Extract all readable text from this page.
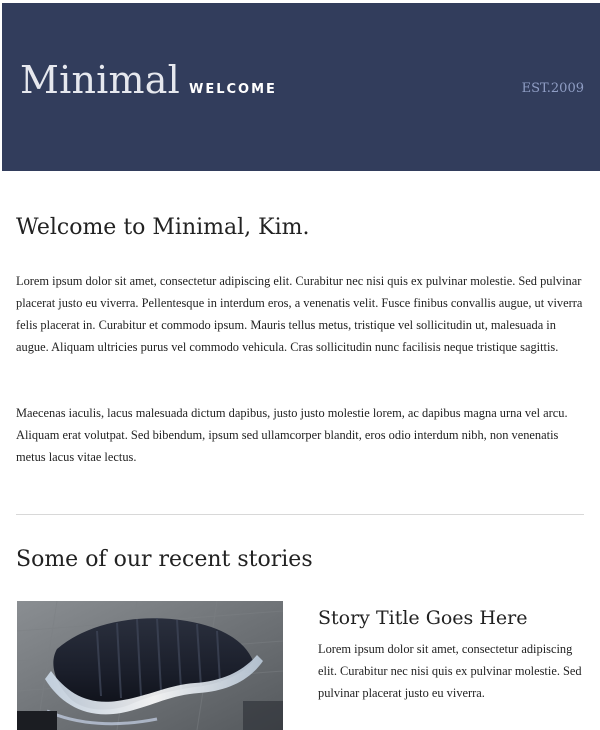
Minimal WELCOME	EST.2009
Welcome to Minimal, Kim.
Lorem ipsum dolor sit amet, consectetur adipiscing elit. Curabitur nec nisi quis ex pulvinar molestie. Sed pulvinar placerat justo eu viverra. Pellentesque in interdum eros, a venenatis velit. Fusce finibus convallis augue, ut viverra felis placerat in. Curabitur et commodo ipsum. Mauris tellus metus, tristique vel sollicitudin ut, malesuada in augue. Aliquam ultricies purus vel commodo vehicula. Cras sollicitudin nunc facilisis neque tristique sagittis.
Maecenas iaculis, lacus malesuada dictum dapibus, justo justo molestie lorem, ac dapibus magna urna vel arcu. Aliquam erat volutpat. Sed bibendum, ipsum sed ullamcorper blandit, eros odio interdum nibh, non venenatis metus lacus vitae lectus.
Some of our recent stories
Story Title Goes Here
Lorem ipsum dolor sit amet, consectetur adipiscing elit. Curabitur nec nisi quis ex pulvinar molestie. Sed pulvinar placerat justo eu viverra.
